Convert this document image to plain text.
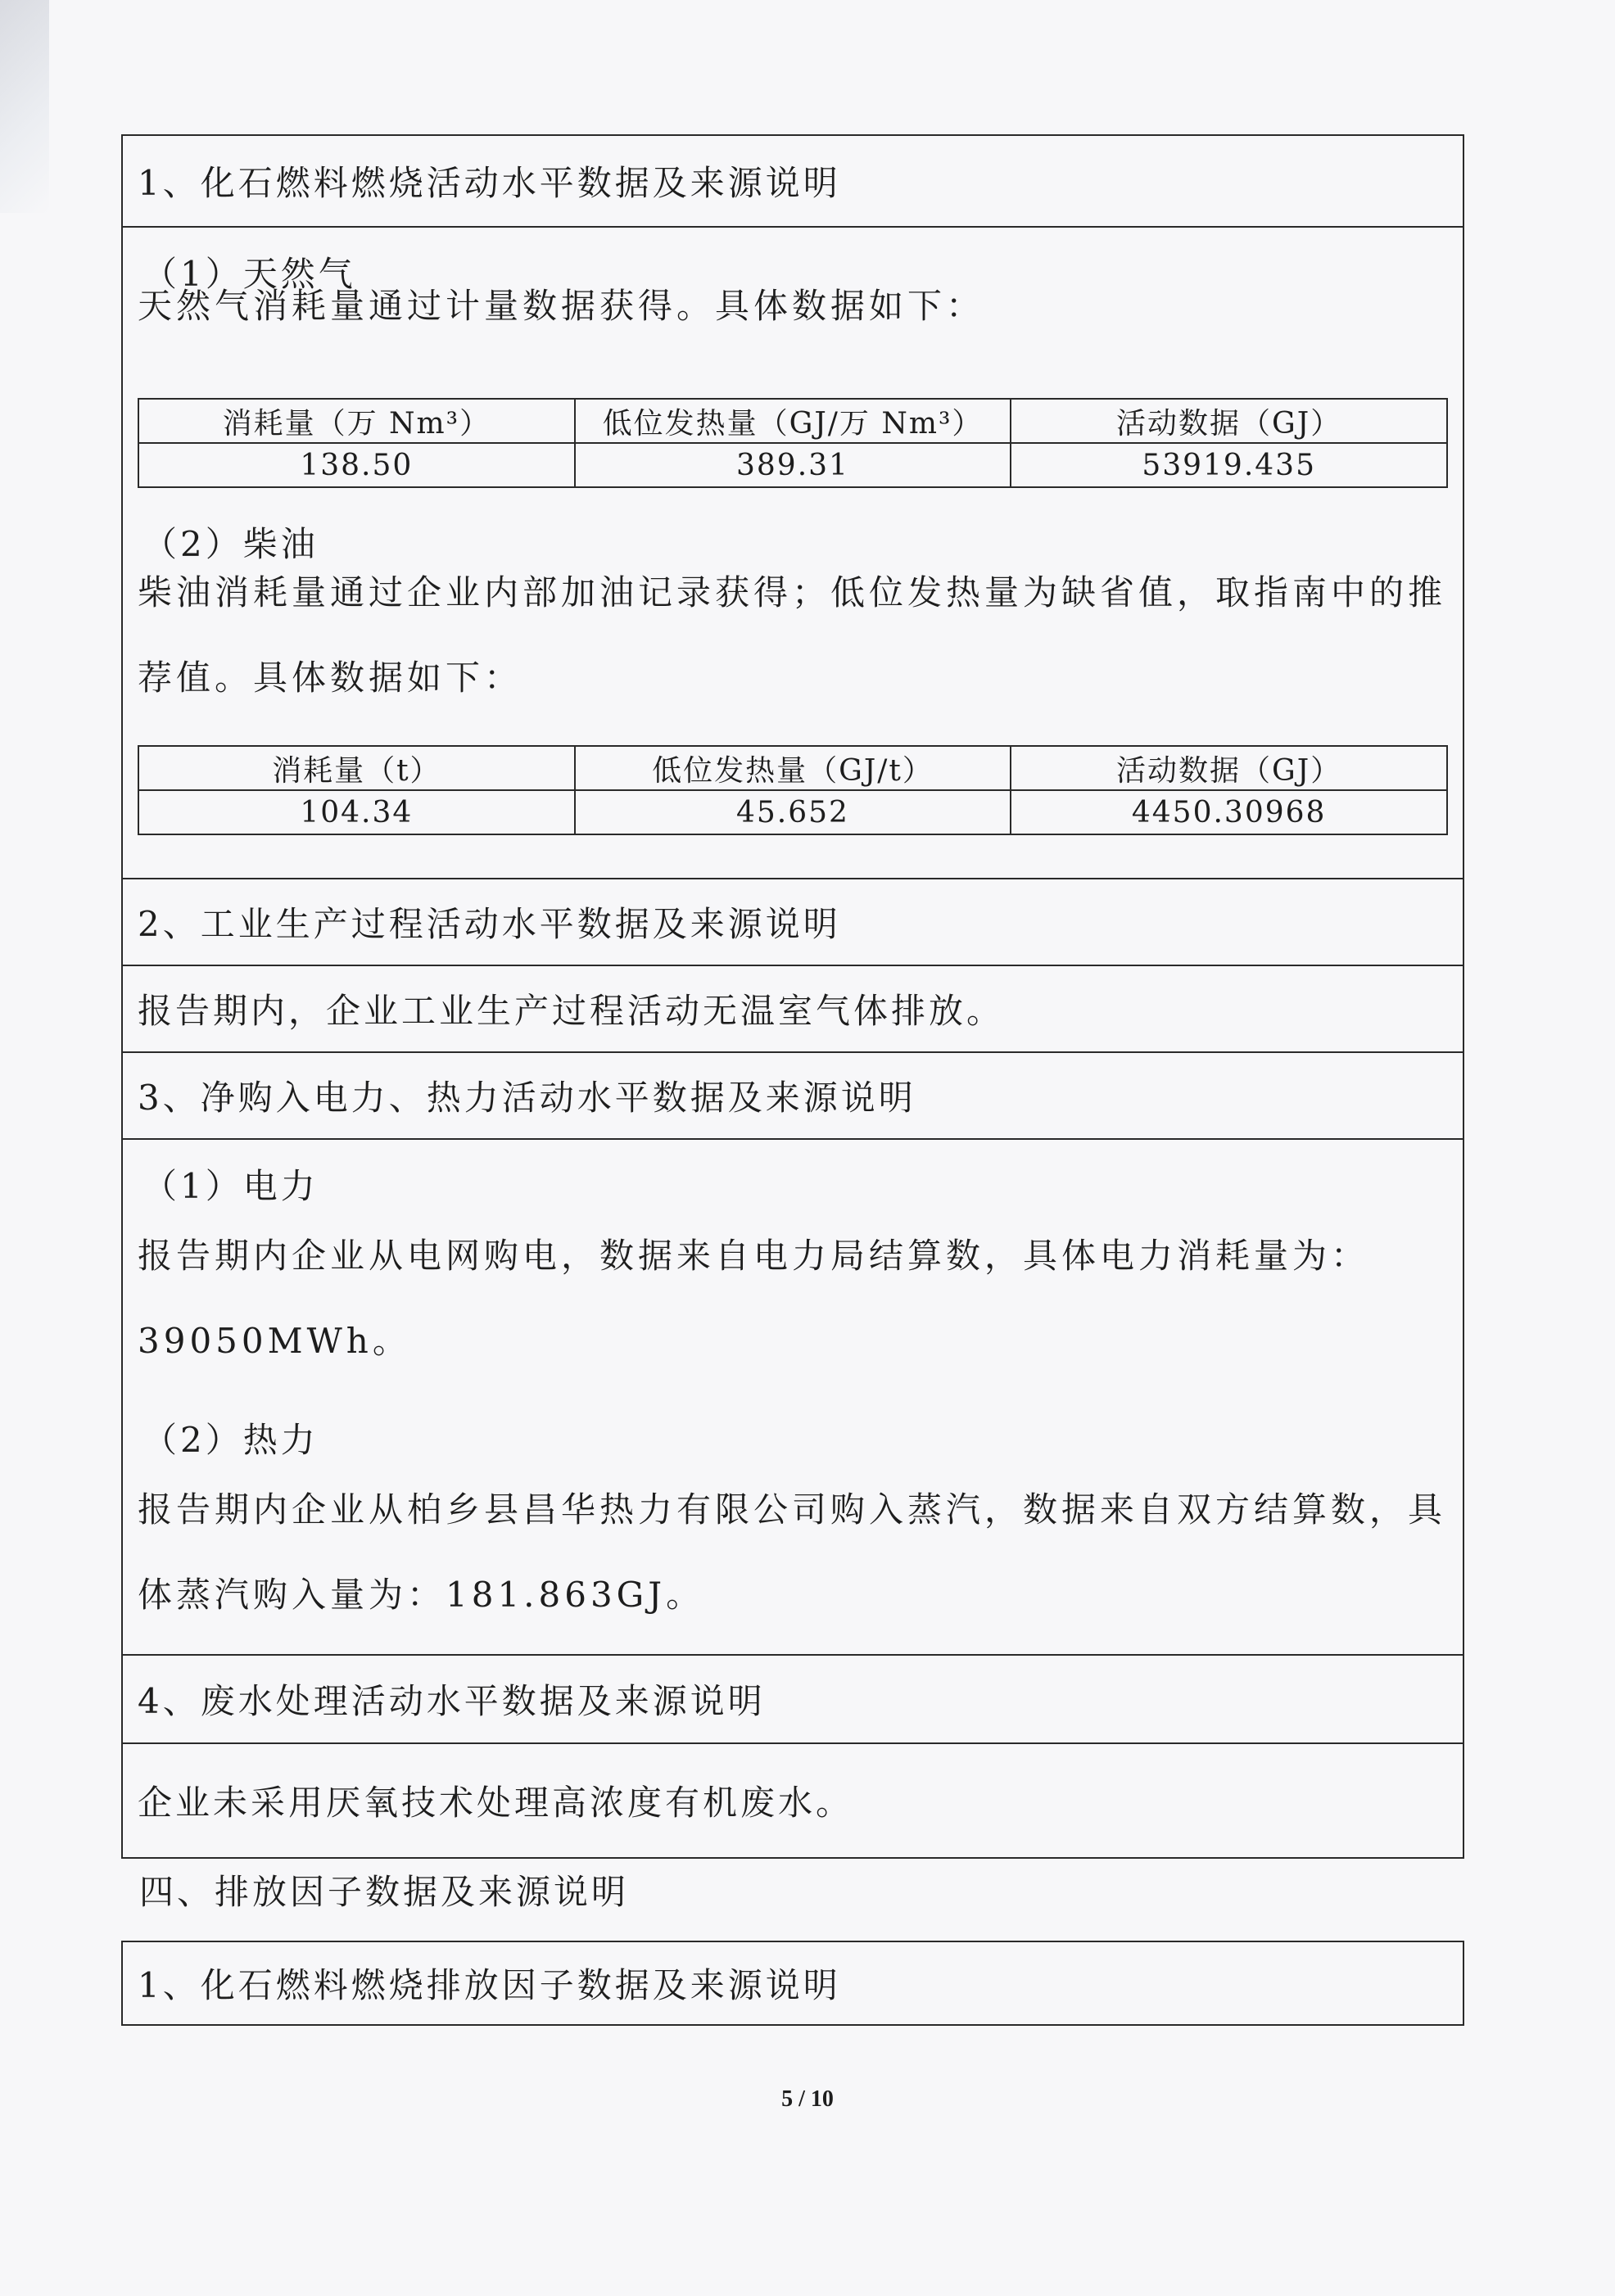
1、化石燃料燃烧活动水平数据及来源说明
（1）天然气
天然气消耗量通过计量数据获得。具体数据如下：
消耗量（万 Nm³）	低位发热量（GJ/万 Nm³）	活动数据（GJ）
138.50	389.31	53919.435
（2）柴油
柴油消耗量通过企业内部加油记录获得；低位发热量为缺省值，取指南中的推
荐值。具体数据如下：
消耗量（t）	低位发热量（GJ/t）	活动数据（GJ）
104.34	45.652	4450.30968
2、工业生产过程活动水平数据及来源说明
报告期内，企业工业生产过程活动无温室气体排放。
3、净购入电力、热力活动水平数据及来源说明
（1）电力
报告期内企业从电网购电，数据来自电力局结算数，具体电力消耗量为：
39050MWh。
（2）热力
报告期内企业从柏乡县昌华热力有限公司购入蒸汽，数据来自双方结算数，具
体蒸汽购入量为：181.863GJ。
4、废水处理活动水平数据及来源说明
企业未采用厌氧技术处理高浓度有机废水。
四、排放因子数据及来源说明
1、化石燃料燃烧排放因子数据及来源说明
5 / 10
